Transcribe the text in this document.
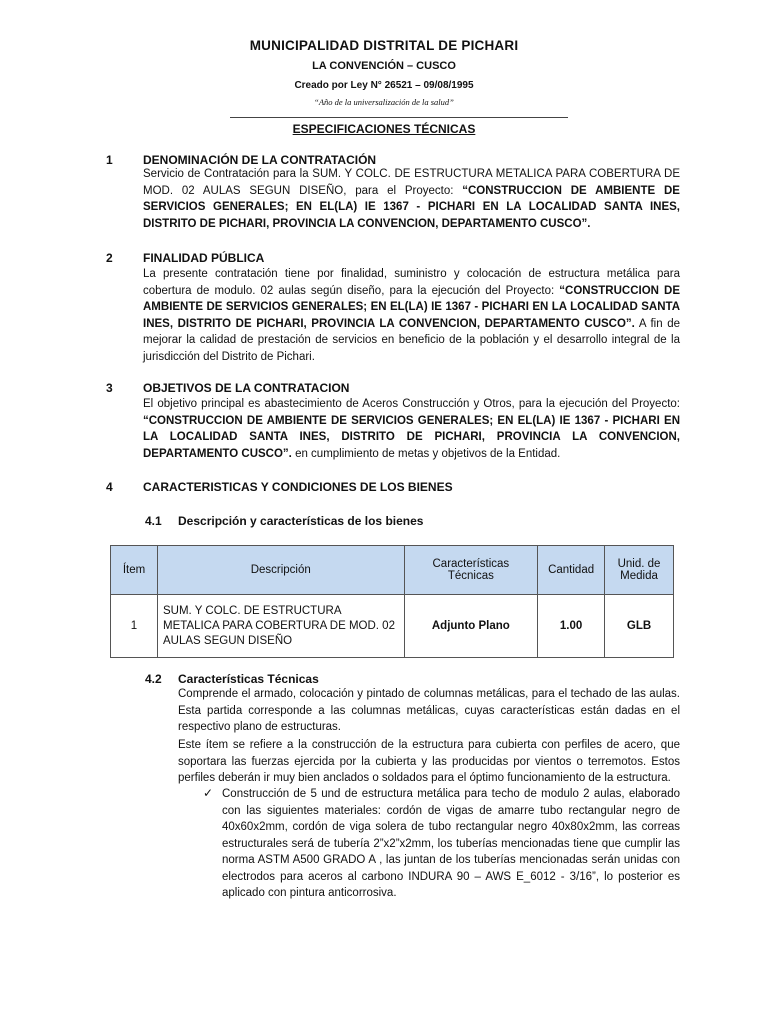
MUNICIPALIDAD DISTRITAL DE PICHARI
LA CONVENCIÓN – CUSCO
Creado por Ley N° 26521 – 09/08/1995
“Año de la universalización de la salud”
ESPECIFICACIONES TÉCNICAS
1	DENOMINACIÓN DE LA CONTRATACIÓN
Servicio de Contratación para la SUM. Y COLC. DE ESTRUCTURA METALICA PARA COBERTURA DE MOD. 02 AULAS SEGUN DISEÑO, para el Proyecto: “CONSTRUCCION DE AMBIENTE DE SERVICIOS GENERALES; EN EL(LA) IE 1367 - PICHARI EN LA LOCALIDAD SANTA INES, DISTRITO DE PICHARI, PROVINCIA LA CONVENCION, DEPARTAMENTO CUSCO”.
2	FINALIDAD PÚBLICA
La presente contratación tiene por finalidad, suministro y colocación de estructura metálica para cobertura de modulo. 02 aulas según diseño, para la ejecución del Proyecto: “CONSTRUCCION DE AMBIENTE DE SERVICIOS GENERALES; EN EL(LA) IE 1367 - PICHARI EN LA LOCALIDAD SANTA INES, DISTRITO DE PICHARI, PROVINCIA LA CONVENCION, DEPARTAMENTO CUSCO”. A fin de mejorar la calidad de prestación de servicios en beneficio de la población y el desarrollo integral de la jurisdicción del Distrito de Pichari.
3	OBJETIVOS DE LA CONTRATACION
El objetivo principal es abastecimiento de Aceros Construcción y Otros, para la ejecución del Proyecto: “CONSTRUCCION DE AMBIENTE DE SERVICIOS GENERALES; EN EL(LA) IE 1367 - PICHARI EN LA LOCALIDAD SANTA INES, DISTRITO DE PICHARI, PROVINCIA LA CONVENCION, DEPARTAMENTO CUSCO”. en cumplimiento de metas y objetivos de la Entidad.
4	CARACTERISTICAS Y CONDICIONES DE LOS BIENES
4.1 Descripción y características de los bienes
Ítem	Descripción	Características Técnicas	Cantidad	Unid. de Medida
1	SUM. Y COLC. DE ESTRUCTURA METALICA PARA COBERTURA DE MOD. 02 AULAS SEGUN DISEÑO	Adjunto Plano	1.00	GLB
4.2 Características Técnicas
Comprende el armado, colocación y pintado de columnas metálicas, para el techado de las aulas. Esta partida corresponde a las columnas metálicas, cuyas características están dadas en el respectivo plano de estructuras.
Este ítem se refiere a la construcción de la estructura para cubierta con perfiles de acero, que soportara las fuerzas ejercida por la cubierta y las producidas por vientos o terremotos. Estos perfiles deberán ir muy bien anclados o soldados para el óptimo funcionamiento de la estructura.
✓ Construcción de 5 und de estructura metálica para techo de modulo 2 aulas, elaborado con las siguientes materiales: cordón de vigas de amarre tubo rectangular negro de 40x60x2mm, cordón de viga solera de tubo rectangular negro 40x80x2mm, las correas estructurales será de tubería 2”x2”x2mm, los tuberías mencionadas tiene que cumplir las norma ASTM A500 GRADO A , las juntan de los tuberías mencionadas serán unidas con electrodos para aceros al carbono INDURA 90 – AWS E_6012 - 3/16”, lo posterior es aplicado con pintura anticorrosiva.
